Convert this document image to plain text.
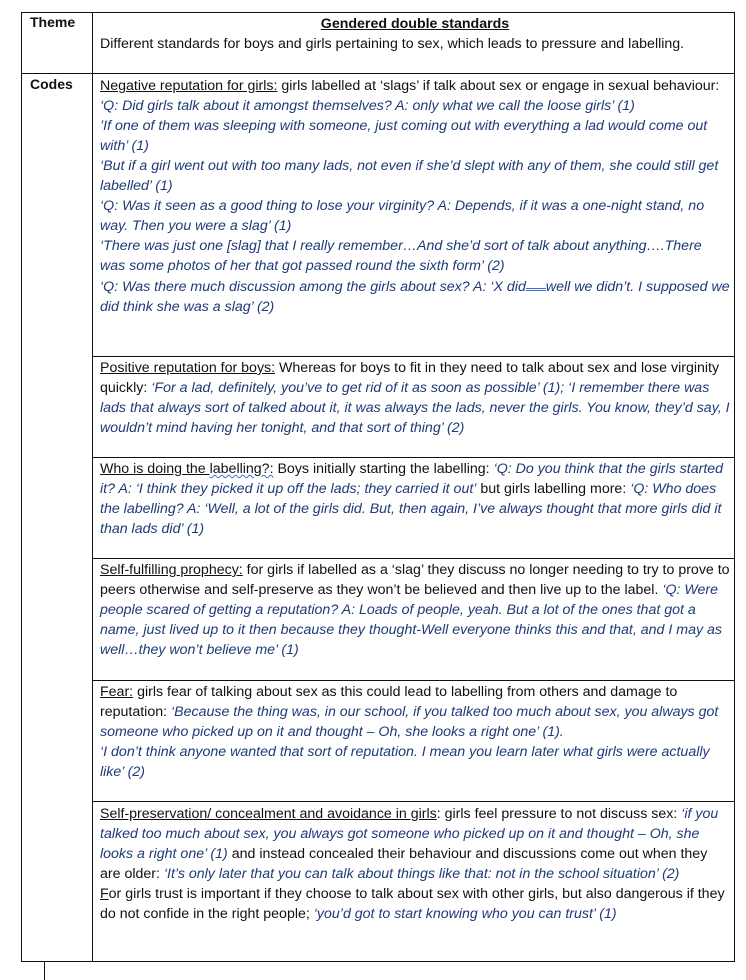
Theme
Codes
Gendered double standards
Different standards for boys and girls pertaining to sex, which leads to pressure and labelling.
Negative reputation for girls: girls labelled at ‘slags’ if talk about sex or engage in sexual behaviour: ‘Q: Did girls talk about it amongst themselves? A: only what we call the loose girls’ (1)
’If one of them was sleeping with someone, just coming out with everything a lad would come out with’ (1)
‘But if a girl went out with too many lads, not even if she’d slept with any of them, she could still get labelled’ (1)
‘Q: Was it seen as a good thing to lose your virginity? A: Depends, if it was a one-night stand, no way. Then you were a slag’ (1)
‘There was just one [slag] that I really remember…And she’d sort of talk about anything….There was some photos of her that got passed round the sixth form’ (2)
‘Q: Was there much discussion among the girls about sex? A: ‘X did well we didn’t. I supposed we did think she was a slag’ (2)
Positive reputation for boys: Whereas for boys to fit in they need to talk about sex and lose virginity quickly: ‘For a lad, definitely, you’ve to get rid of it as soon as possible’ (1); ‘I remember there was lads that always sort of talked about it, it was always the lads, never the girls. You know, they’d say, I wouldn’t mind having her tonight, and that sort of thing’ (2)
Who is doing the labelling?: Boys initially starting the labelling: ‘Q: Do you think that the girls started it? A: ‘I think they picked it up off the lads; they carried it out’ but girls labelling more: ‘Q: Who does the labelling? A: ‘Well, a lot of the girls did. But, then again, I’ve always thought that more girls did it than lads did’ (1)
Self-fulfilling prophecy: for girls if labelled as a ‘slag’ they discuss no longer needing to try to prove to peers otherwise and self-preserve as they won’t be believed and then live up to the label. ‘Q: Were people scared of getting a reputation? A: Loads of people, yeah. But a lot of the ones that got a name, just lived up to it then because they thought-Well everyone thinks this and that, and I may as well…they won’t believe me’ (1)
Fear: girls fear of talking about sex as this could lead to labelling from others and damage to reputation: ‘Because the thing was, in our school, if you talked too much about sex, you always got someone who picked up on it and thought – Oh, she looks a right one’ (1).
‘I don’t think anyone wanted that sort of reputation. I mean you learn later what girls were actually like’ (2)
Self-preservation/ concealment and avoidance in girls: girls feel pressure to not discuss sex: ‘if you talked too much about sex, you always got someone who picked up on it and thought – Oh, she looks a right one’ (1) and instead concealed their behaviour and discussions come out when they are older: ‘It’s only later that you can talk about things like that: not in the school situation’ (2)
For girls trust is important if they choose to talk about sex with other girls, but also dangerous if they do not confide in the right people; ‘you’d got to start knowing who you can trust’ (1)
